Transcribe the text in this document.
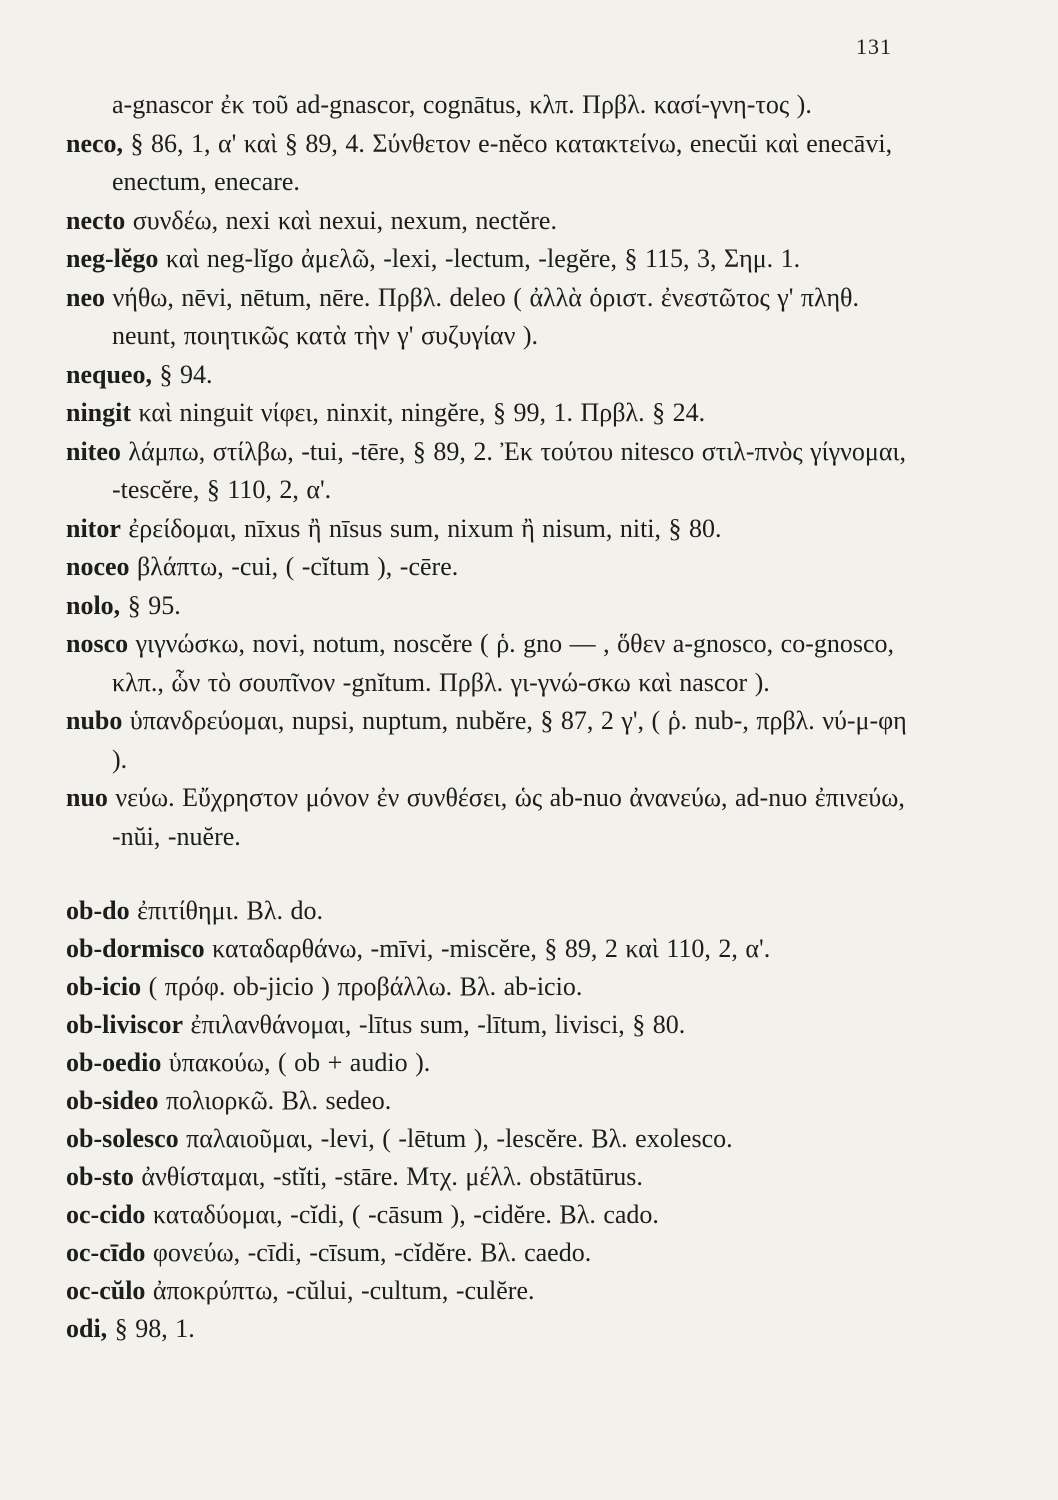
131

a-gnascor ἐκ τοῦ ad-gnascor, cognātus, κλπ. Πρβλ. κασί-γνη-τος ).

neco, § 86, 1, α' καὶ § 89, 4. Σύνθετον e-nĕco κατακτείνω, enecŭi καὶ enecāvi, enectum, enecare.

necto συνδέω, nexi καὶ nexui, nexum, nectĕre.

neg-lĕgo καὶ neg-lĭgo ἀμελῶ, -lexi, -lectum, -legĕre, § 115, 3, Σημ. 1.

neo νήθω, nēvi, nētum, nēre. Πρβλ. deleo ( ἀλλὰ ὁριστ. ἐνεστῶτος γ' πληθ. neunt, ποιητικῶς κατὰ τὴν γ' συζυγίαν ).

nequeo, § 94.

ningit καὶ ninguit νίφει, ninxit, ningĕre, § 99, 1. Πρβλ. § 24.

niteo λάμπω, στίλβω, -tui, -tēre, § 89, 2. Ἐκ τούτου nitesco στιλ-πνὸς γίγνομαι, -tescĕre, § 110, 2, α'.

nitor ἐρείδομαι, nīxus ἢ nīsus sum, nixum ἢ nisum, niti, § 80.

noceo βλάπτω, -cui, ( -cĭtum ), -cēre.

nolo, § 95.

nosco γιγνώσκω, novi, notum, noscĕre ( ῥ. gno — , ὅθεν a-gnosco, co-gnosco, κλπ., ὧν τὸ σουπῖνον -gnĭtum. Πρβλ. γι-γνώ-σκω καὶ nascor ).

nubo ὑπανδρεύομαι, nupsi, nuptum, nubĕre, § 87, 2 γ', ( ῥ. nub-, πρβλ. νύ-μ-φη ).

nuo νεύω. Εὔχρηστον μόνον ἐν συνθέσει, ὡς ab-nuo ἀνανεύω, ad-nuo ἐπινεύω, -nŭi, -nuĕre.

ob-do ἐπιτίθημι. Βλ. do.

ob-dormisco καταδαρθάνω, -mīvi, -miscĕre, § 89, 2 καὶ 110, 2, α'.

ob-icio ( πρόφ. ob-jicio ) προβάλλω. Βλ. ab-icio.

ob-liviscor ἐπιλανθάνομαι, -lītus sum, -lītum, livisci, § 80.

ob-oedio ὑπακούω, ( ob + audio ).

ob-sideo πολιορκῶ. Βλ. sedeo.

ob-solesco παλαιοῦμαι, -levi, ( -lētum ), -lescĕre. Βλ. exolesco.

ob-sto ἀνθίσταμαι, -stĭti, -stāre. Μτχ. μέλλ. obstātūrus.

oc-cido καταδύομαι, -cĭdi, ( -cāsum ), -cidĕre. Βλ. cado.

oc-cīdo φονεύω, -cīdi, -cīsum, -cĭdĕre. Βλ. caedo.

oc-cŭlo ἀποκρύπτω, -cŭlui, -cultum, -culĕre.

odi, § 98, 1.
